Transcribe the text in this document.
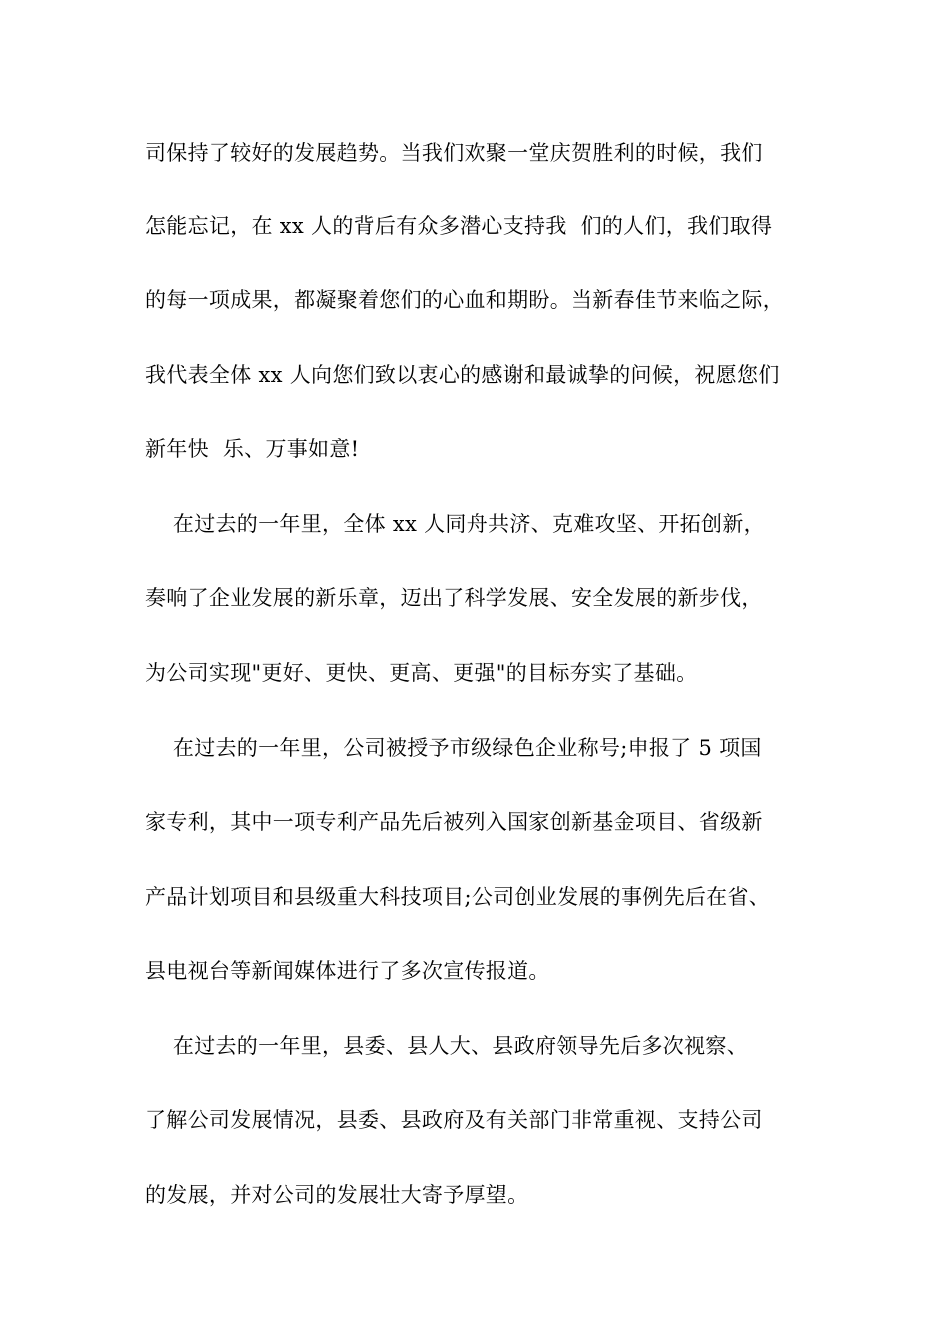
司保持了较好的发展趋势。当我们欢聚一堂庆贺胜利的时候，我们
怎能忘记，在 xx 人的背后有众多潜心支持我  们的人们，我们取得
的每一项成果，都凝聚着您们的心血和期盼。当新春佳节来临之际，
我代表全体 xx 人向您们致以衷心的感谢和最诚挚的问候，祝愿您们
新年快  乐、万事如意!
在过去的一年里，全体 xx 人同舟共济、克难攻坚、开拓创新，
奏响了企业发展的新乐章，迈出了科学发展、安全发展的新步伐，
为公司实现"更好、更快、更高、更强"的目标夯实了基础。
在过去的一年里，公司被授予市级绿色企业称号;申报了 5 项国
家专利，其中一项专利产品先后被列入国家创新基金项目、省级新
产品计划项目和县级重大科技项目;公司创业发展的事例先后在省、
县电视台等新闻媒体进行了多次宣传报道。
在过去的一年里，县委、县人大、县政府领导先后多次视察、
了解公司发展情况，县委、县政府及有关部门非常重视、支持公司
的发展，并对公司的发展壮大寄予厚望。
